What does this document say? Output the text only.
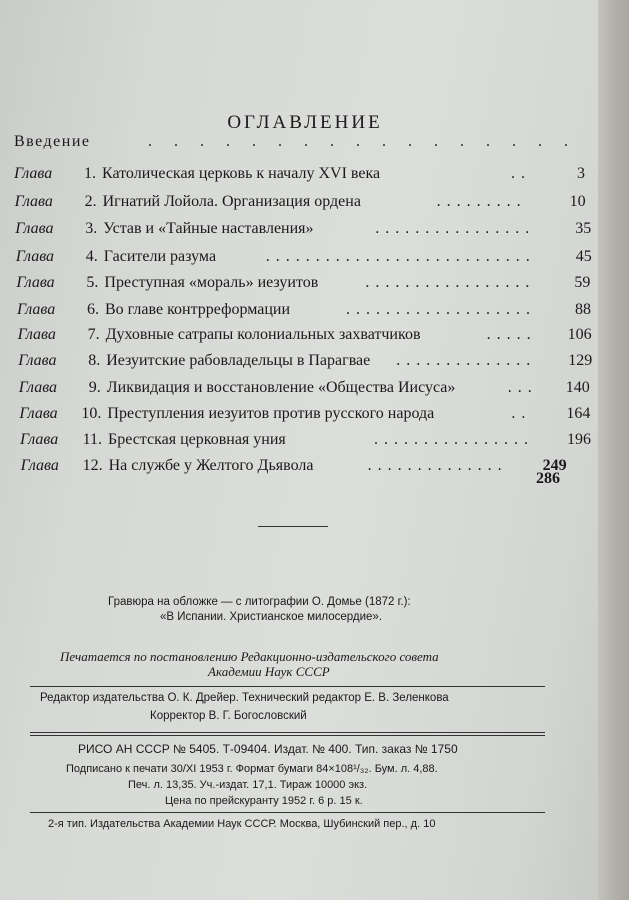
ОГЛАВЛЕНИЕ
Введение	. . . . . . . . . . . . . . . . .
Глава	1. Католическая церковь к началу XVI века	..	3
Глава	2. Игнатий Лойола. Организация ордена	.........	10
Глава	3. Устав и «Тайные наставления»	................	35
Глава	4. Гасители разума	...........................	45
Глава	5. Преступная «мораль» иезуитов	.................	59
Глава	6. Во главе контрреформации	...................	88
Глава	7. Духовные сатрапы колониальных захватчиков	.....	106
Глава	8. Иезуитские рабовладельцы в Парагвае ..............	129
Глава	9. Ликвидация и восстановление «Общества Иисуса»	...	140
Глава 10. Преступления иезуитов против русского народа	..	164
Глава 11. Брестская церковная уния	................	196
Глава 12. На службе у Желтого Дьявола	..............	249
286
Гравюра на обложке — с литографии О. Домье (1872 г.):
«В Испании. Христианское милосердие».
Печатается по постановлению Редакционно-издательского совета
Академии Наук СССР
Редактор издательства О. К. Дрейер. Технический редактор Е. В. Зеленкова
Корректор В. Г. Богословский
РИСО АН СССР № 5405. Т-09404. Издат. № 400. Тип. заказ № 1750
Подписано к печати 30/XI 1953 г. Формат бумаги 84×108¹/₃₂. Бум. л. 4,88.
Печ. л. 13,35. Уч.-издат. 17,1. Тираж 10000 экз.
Цена по прейскуранту 1952 г. 6 р. 15 к.
2-я тип. Издательства Академии Наук СССР. Москва, Шубинский пер., д. 10
